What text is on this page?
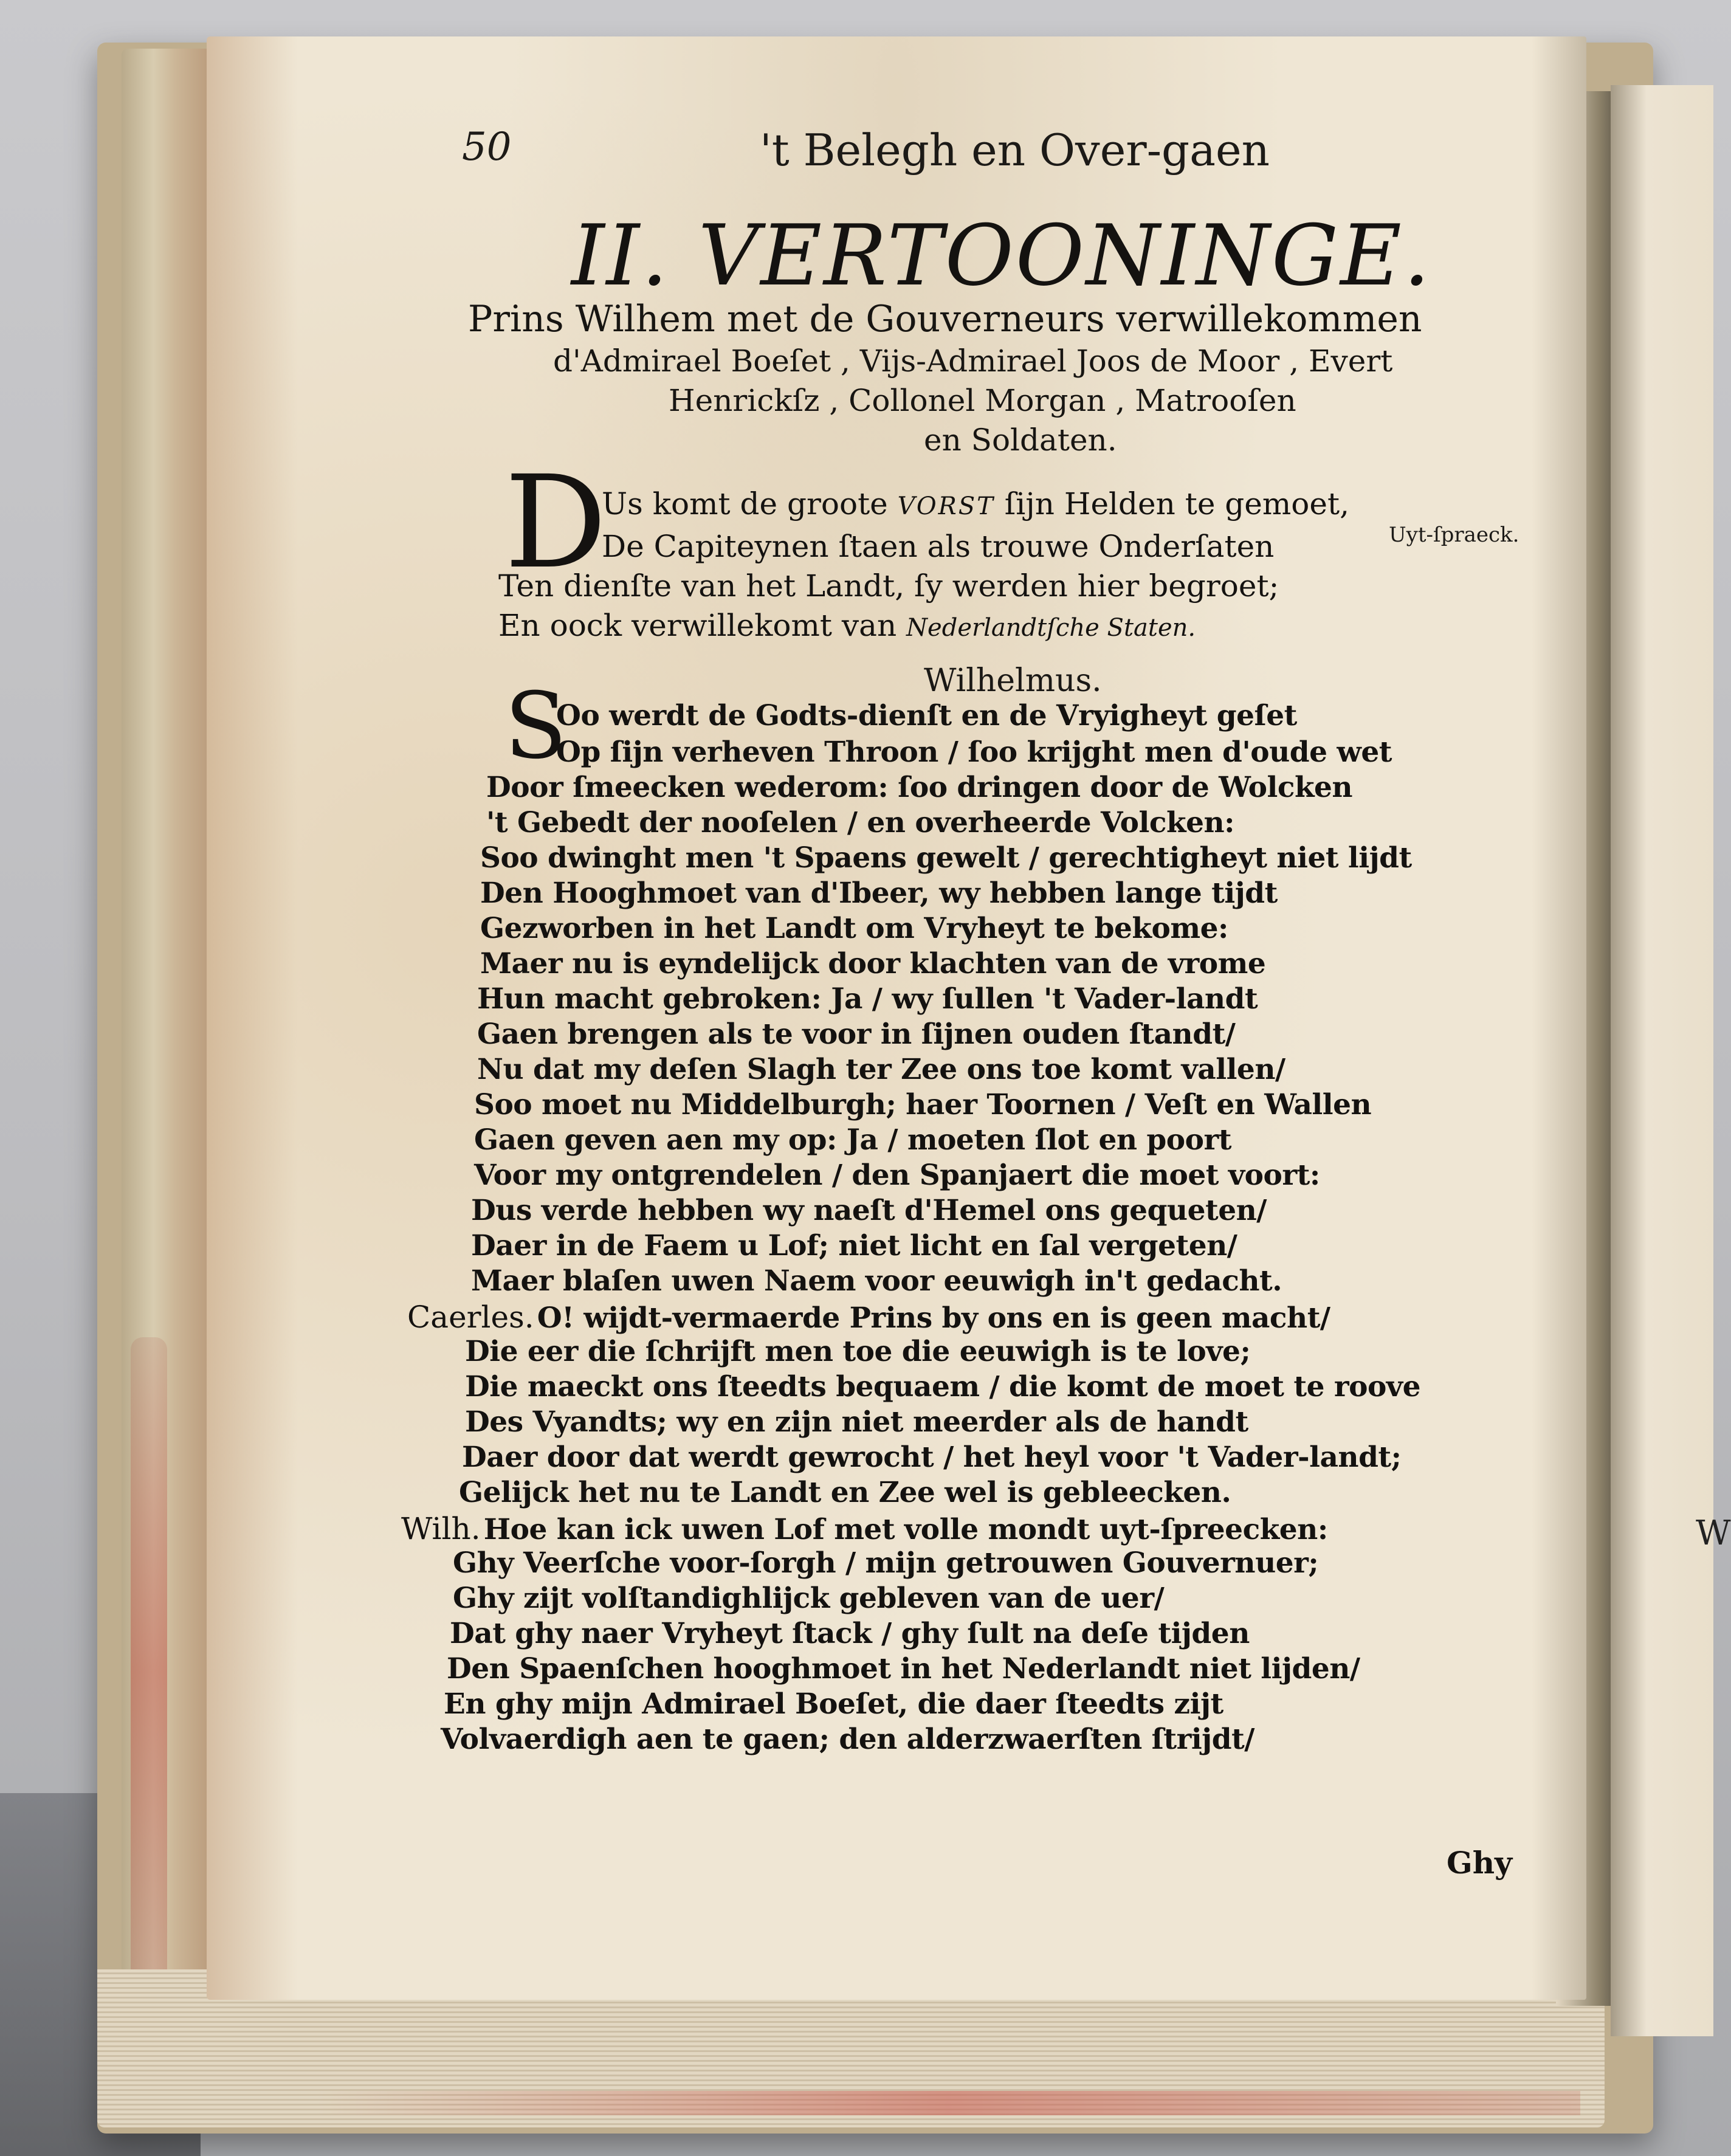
W
50	't Belegh en Over-gaen
II. VERTOONINGE.
Prins Wilhem met de Gouverneurs verwillekommen
d'Admirael Boeſet , Vijs-Admirael Joos de Moor , Evert
Henrickſz , Collonel Morgan , Matrooſen
en Soldaten.
D
Us komt de groote VORST ſijn Helden te gemoet,
De Capiteynen ſtaen als trouwe Onderſaten
Ten dienſte van het Landt, ſy werden hier begroet;
En oock verwillekomt van Nederlandtſche Staten.
Uyt-ſpraeck.
Wilhelmus.
S
Oo werdt de Godts-dienſt en de Vryigheyt geſet
Op ſijn verheven Throon / ſoo krijght men d'oude wet
Door ſmeecken wederom: ſoo dringen door de Wolcken
't Gebedt der nooſelen / en overheerde Volcken:
Soo dwinght men 't Spaens gewelt / gerechtigheyt niet lijdt
Den Hooghmoet van d'Ibeer, wy hebben lange tijdt
Gezworben in het Landt om Vryheyt te bekome:
Maer nu is eyndelijck door klachten van de vrome
Hun macht gebroken: Ja / wy ſullen 't Vader-landt
Gaen brengen als te voor in ſijnen ouden ſtandt/
Nu dat my deſen Slagh ter Zee ons toe komt vallen/
Soo moet nu Middelburgh; haer Toornen / Veſt en Wallen
Gaen geven aen my op: Ja / moeten ſlot en poort
Voor my ontgrendelen / den Spanjaert die moet voort:
Dus verde hebben wy naeſt d'Hemel ons gequeten/
Daer in de Faem u Lof; niet licht en ſal vergeten/
Maer blaſen uwen Naem voor eeuwigh in't gedacht.
Caerles. O! wijdt-vermaerde Prins by ons en is geen macht/
Die eer die ſchrijft men toe die eeuwigh is te love;
Die maeckt ons ſteedts bequaem / die komt de moet te roove
Des Vyandts; wy en zijn niet meerder als de handt
Daer door dat werdt gewrocht / het heyl voor 't Vader-landt;
Gelijck het nu te Landt en Zee wel is gebleecken.
Wilh. Hoe kan ick uwen Lof met volle mondt uyt-ſpreecken:
Ghy Veerſche voor-ſorgh / mijn getrouwen Gouvernuer;
Ghy zijt volſtandighlijck gebleven van de uer/
Dat ghy naer Vryheyt ſtack / ghy ſult na deſe tijden
Den Spaenſchen hooghmoet in het Nederlandt niet lijden/
En ghy mijn Admirael Boeſet, die daer ſteedts zijt
Volvaerdigh aen te gaen; den alderzwaerſten ſtrijdt/
Ghy
